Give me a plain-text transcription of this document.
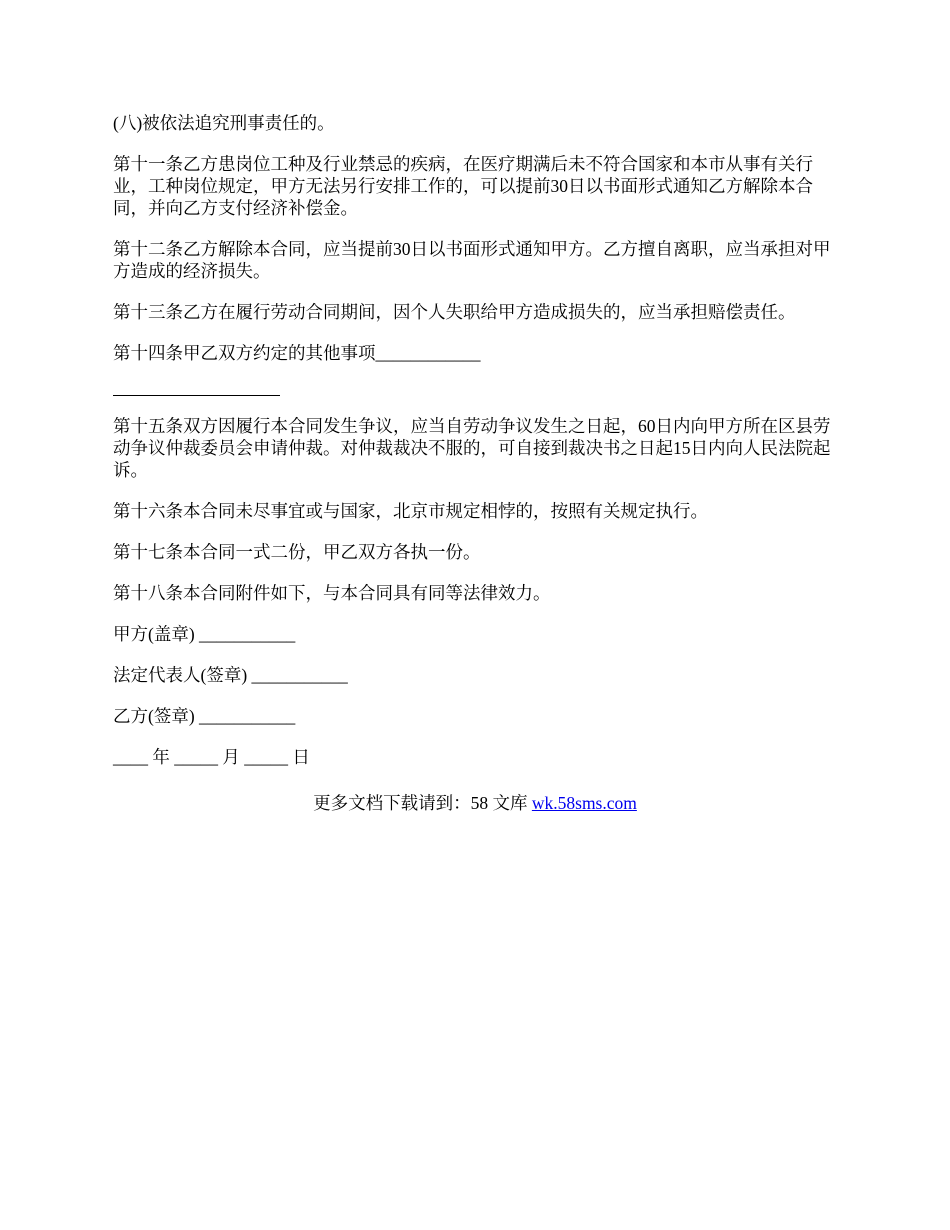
(八)被依法追究刑事责任的。

第十一条乙方患岗位工种及行业禁忌的疾病，在医疗期满后未不符合国家和本市从事有关行业，工种岗位规定，甲方无法另行安排工作的，可以提前30日以书面形式通知乙方解除本合同，并向乙方支付经济补偿金。

第十二条乙方解除本合同，应当提前30日以书面形式通知甲方。乙方擅自离职，应当承担对甲方造成的经济损失。

第十三条乙方在履行劳动合同期间，因个人失职给甲方造成损失的，应当承担赔偿责任。

第十四条甲乙双方约定的其他事项____________

第十五条双方因履行本合同发生争议，应当自劳动争议发生之日起，60日内向甲方所在区县劳动争议仲裁委员会申请仲裁。对仲裁裁决不服的，可自接到裁决书之日起15日内向人民法院起诉。

第十六条本合同未尽事宜或与国家，北京市规定相悖的，按照有关规定执行。

第十七条本合同一式二份，甲乙双方各执一份。

第十八条本合同附件如下，与本合同具有同等法律效力。

甲方(盖章) ___________

法定代表人(签章) ___________

乙方(签章) ___________

____ 年 _____ 月 _____ 日

更多文档下载请到：58 文库 wk.58sms.com
